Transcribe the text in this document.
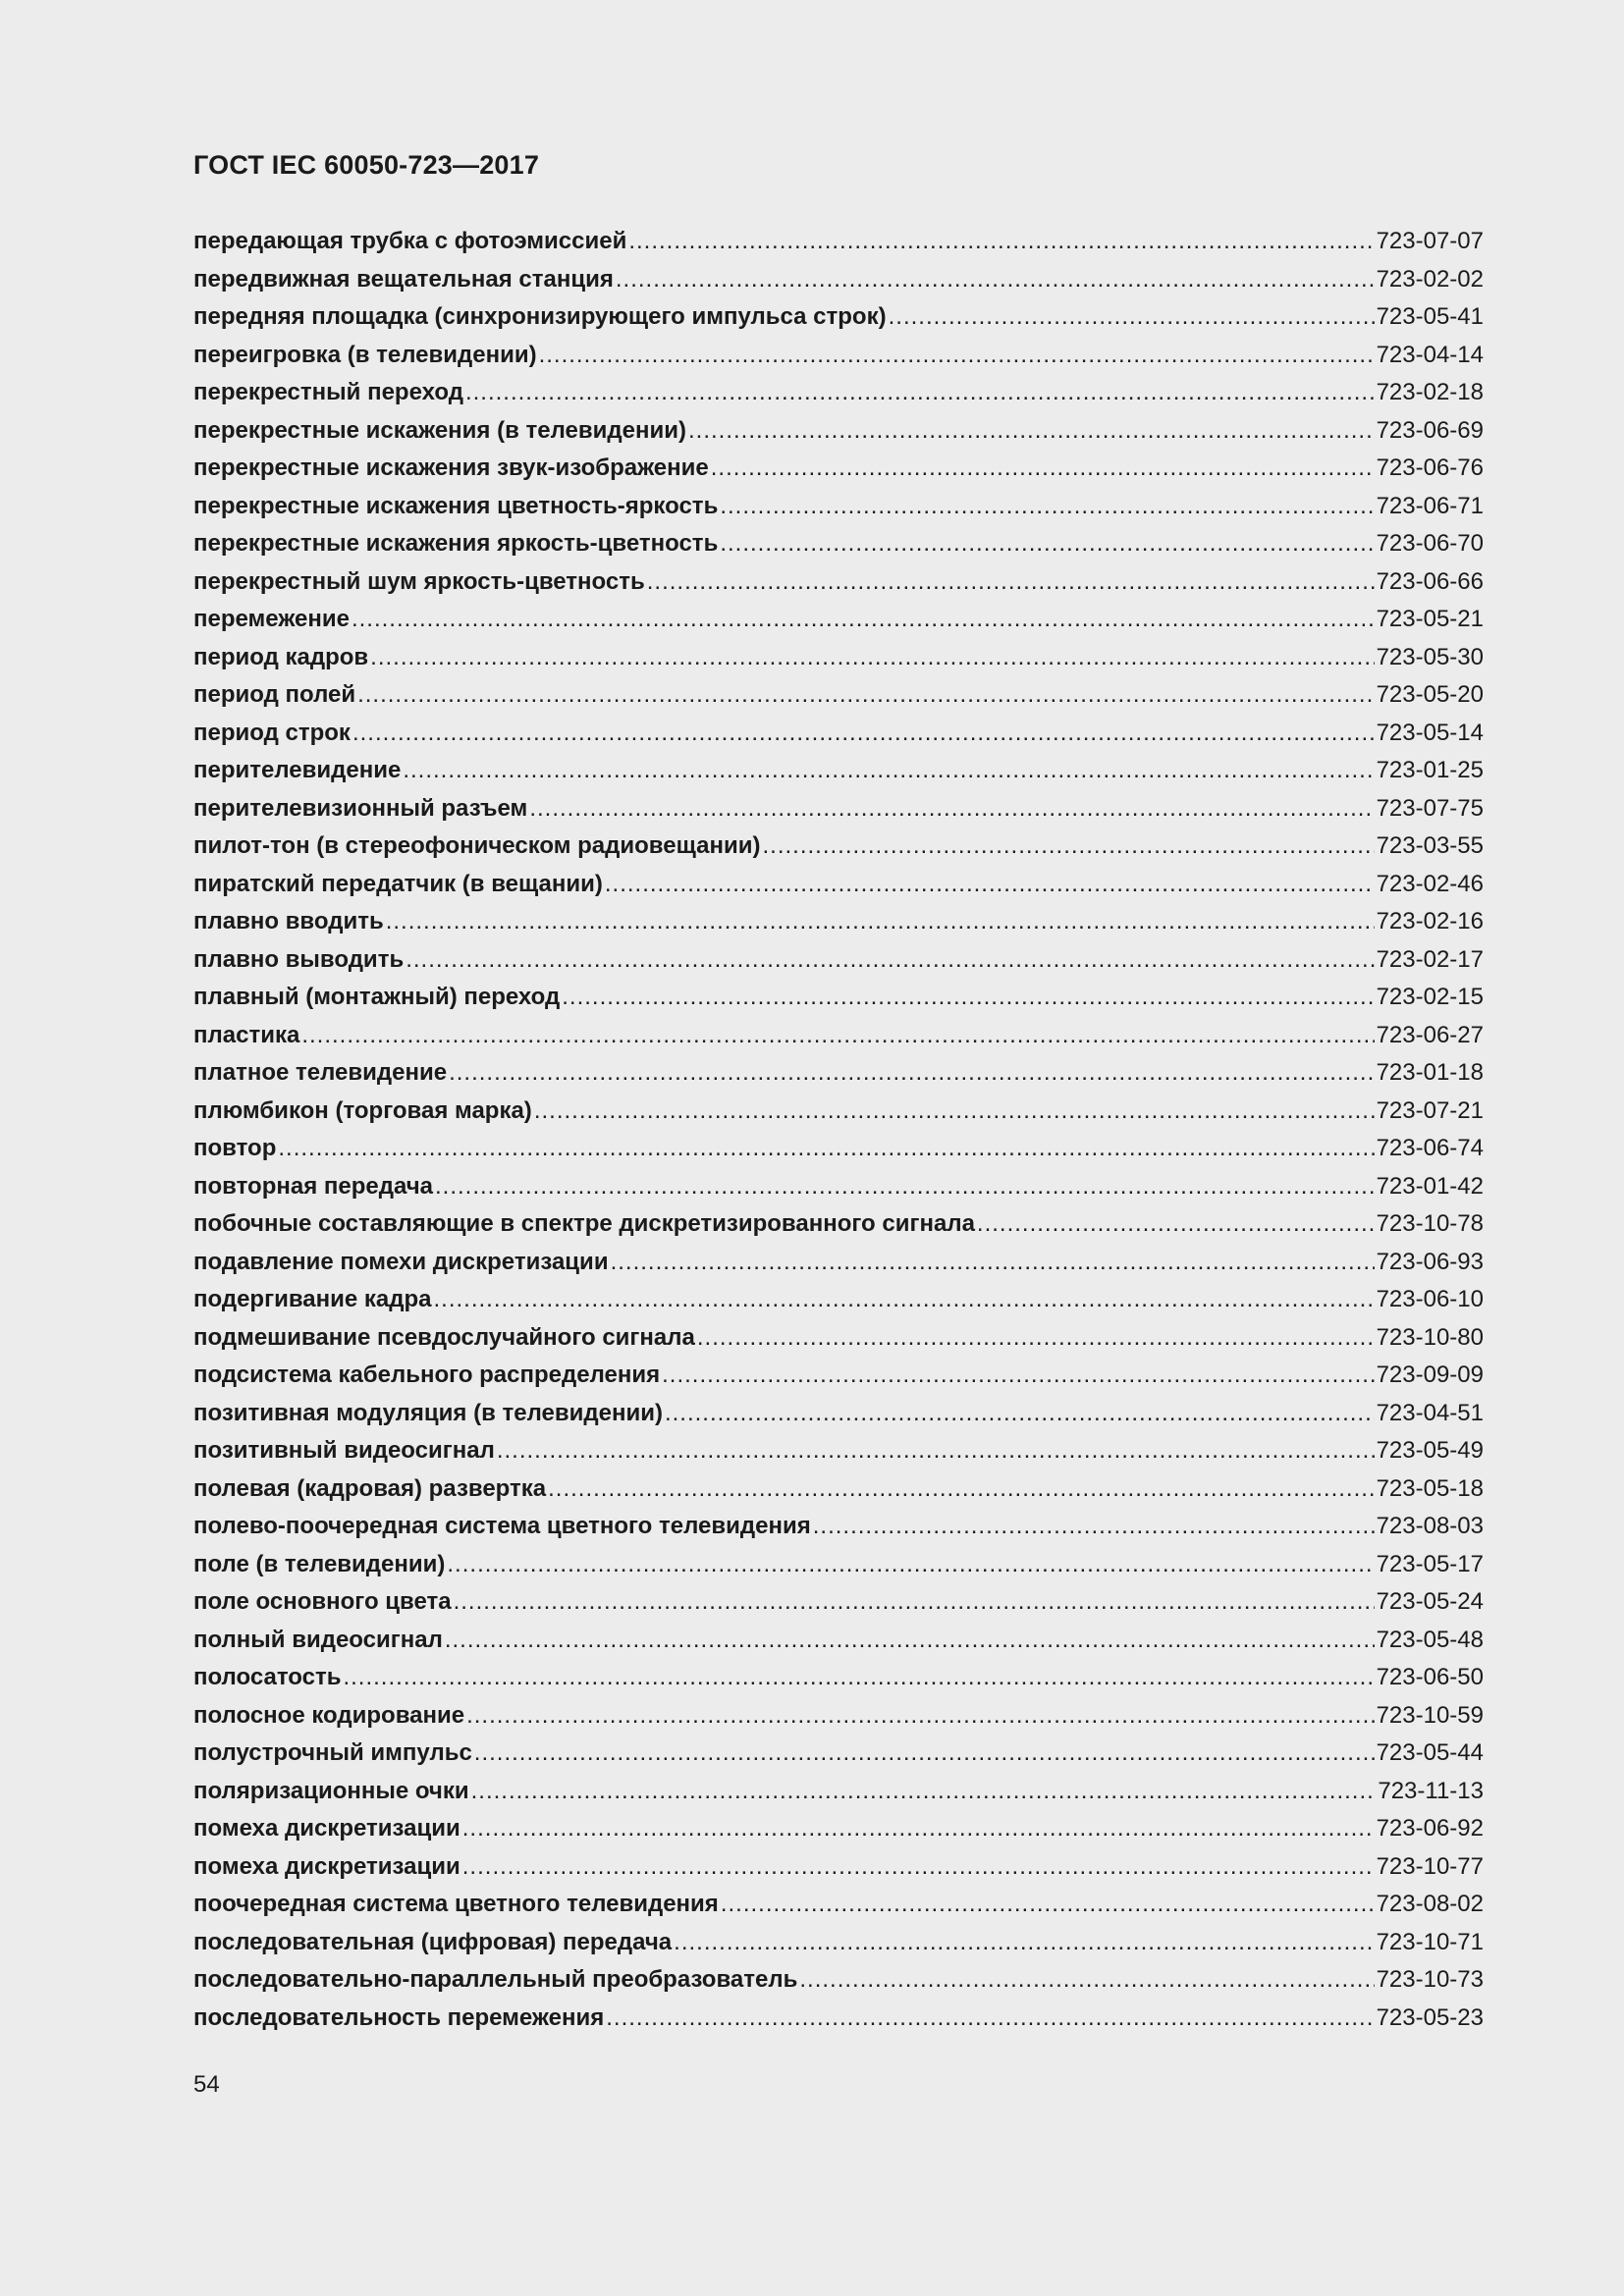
ГОСТ IEC 60050-723—2017
передающая трубка с фотоэмиссией .....	723-07-07
передвижная вещательная станция .....	723-02-02
передняя площадка (синхронизирующего импульса строк) .....	723-05-41
переигровка (в телевидении) .....	723-04-14
перекрестный переход .....	723-02-18
перекрестные искажения (в телевидении) .....	723-06-69
перекрестные искажения звук-изображение .....	723-06-76
перекрестные искажения цветность-яркость .....	723-06-71
перекрестные искажения яркость-цветность .....	723-06-70
перекрестный шум яркость-цветность .....	723-06-66
перемежение .....	723-05-21
период кадров .....	723-05-30
период полей .....	723-05-20
период строк .....	723-05-14
перителевидение .....	723-01-25
перителевизионный разъем .....	723-07-75
пилот-тон (в стереофоническом радиовещании) .....	723-03-55
пиратский передатчик (в вещании) .....	723-02-46
плавно вводить .....	723-02-16
плавно выводить .....	723-02-17
плавный (монтажный) переход .....	723-02-15
пластика .....	723-06-27
платное телевидение .....	723-01-18
плюмбикон (торговая марка) .....	723-07-21
повтор .....	723-06-74
повторная передача .....	723-01-42
побочные составляющие в спектре дискретизированного сигнала .....	723-10-78
подавление помехи дискретизации .....	723-06-93
подергивание кадра .....	723-06-10
подмешивание псевдослучайного сигнала .....	723-10-80
подсистема кабельного распределения .....	723-09-09
позитивная модуляция (в телевидении) .....	723-04-51
позитивный видеосигнал .....	723-05-49
полевая (кадровая) развертка .....	723-05-18
полево-поочередная система цветного телевидения .....	723-08-03
поле (в телевидении) .....	723-05-17
поле основного цвета .....	723-05-24
полный видеосигнал .....	723-05-48
полосатость .....	723-06-50
полосное кодирование .....	723-10-59
полустрочный импульс .....	723-05-44
поляризационные очки .....	723-11-13
помеха дискретизации .....	723-06-92
помеха дискретизации .....	723-10-77
поочередная система цветного телевидения .....	723-08-02
последовательная (цифровая) передача .....	723-10-71
последовательно-параллельный преобразователь .....	723-10-73
последовательность перемежения .....	723-05-23

54
